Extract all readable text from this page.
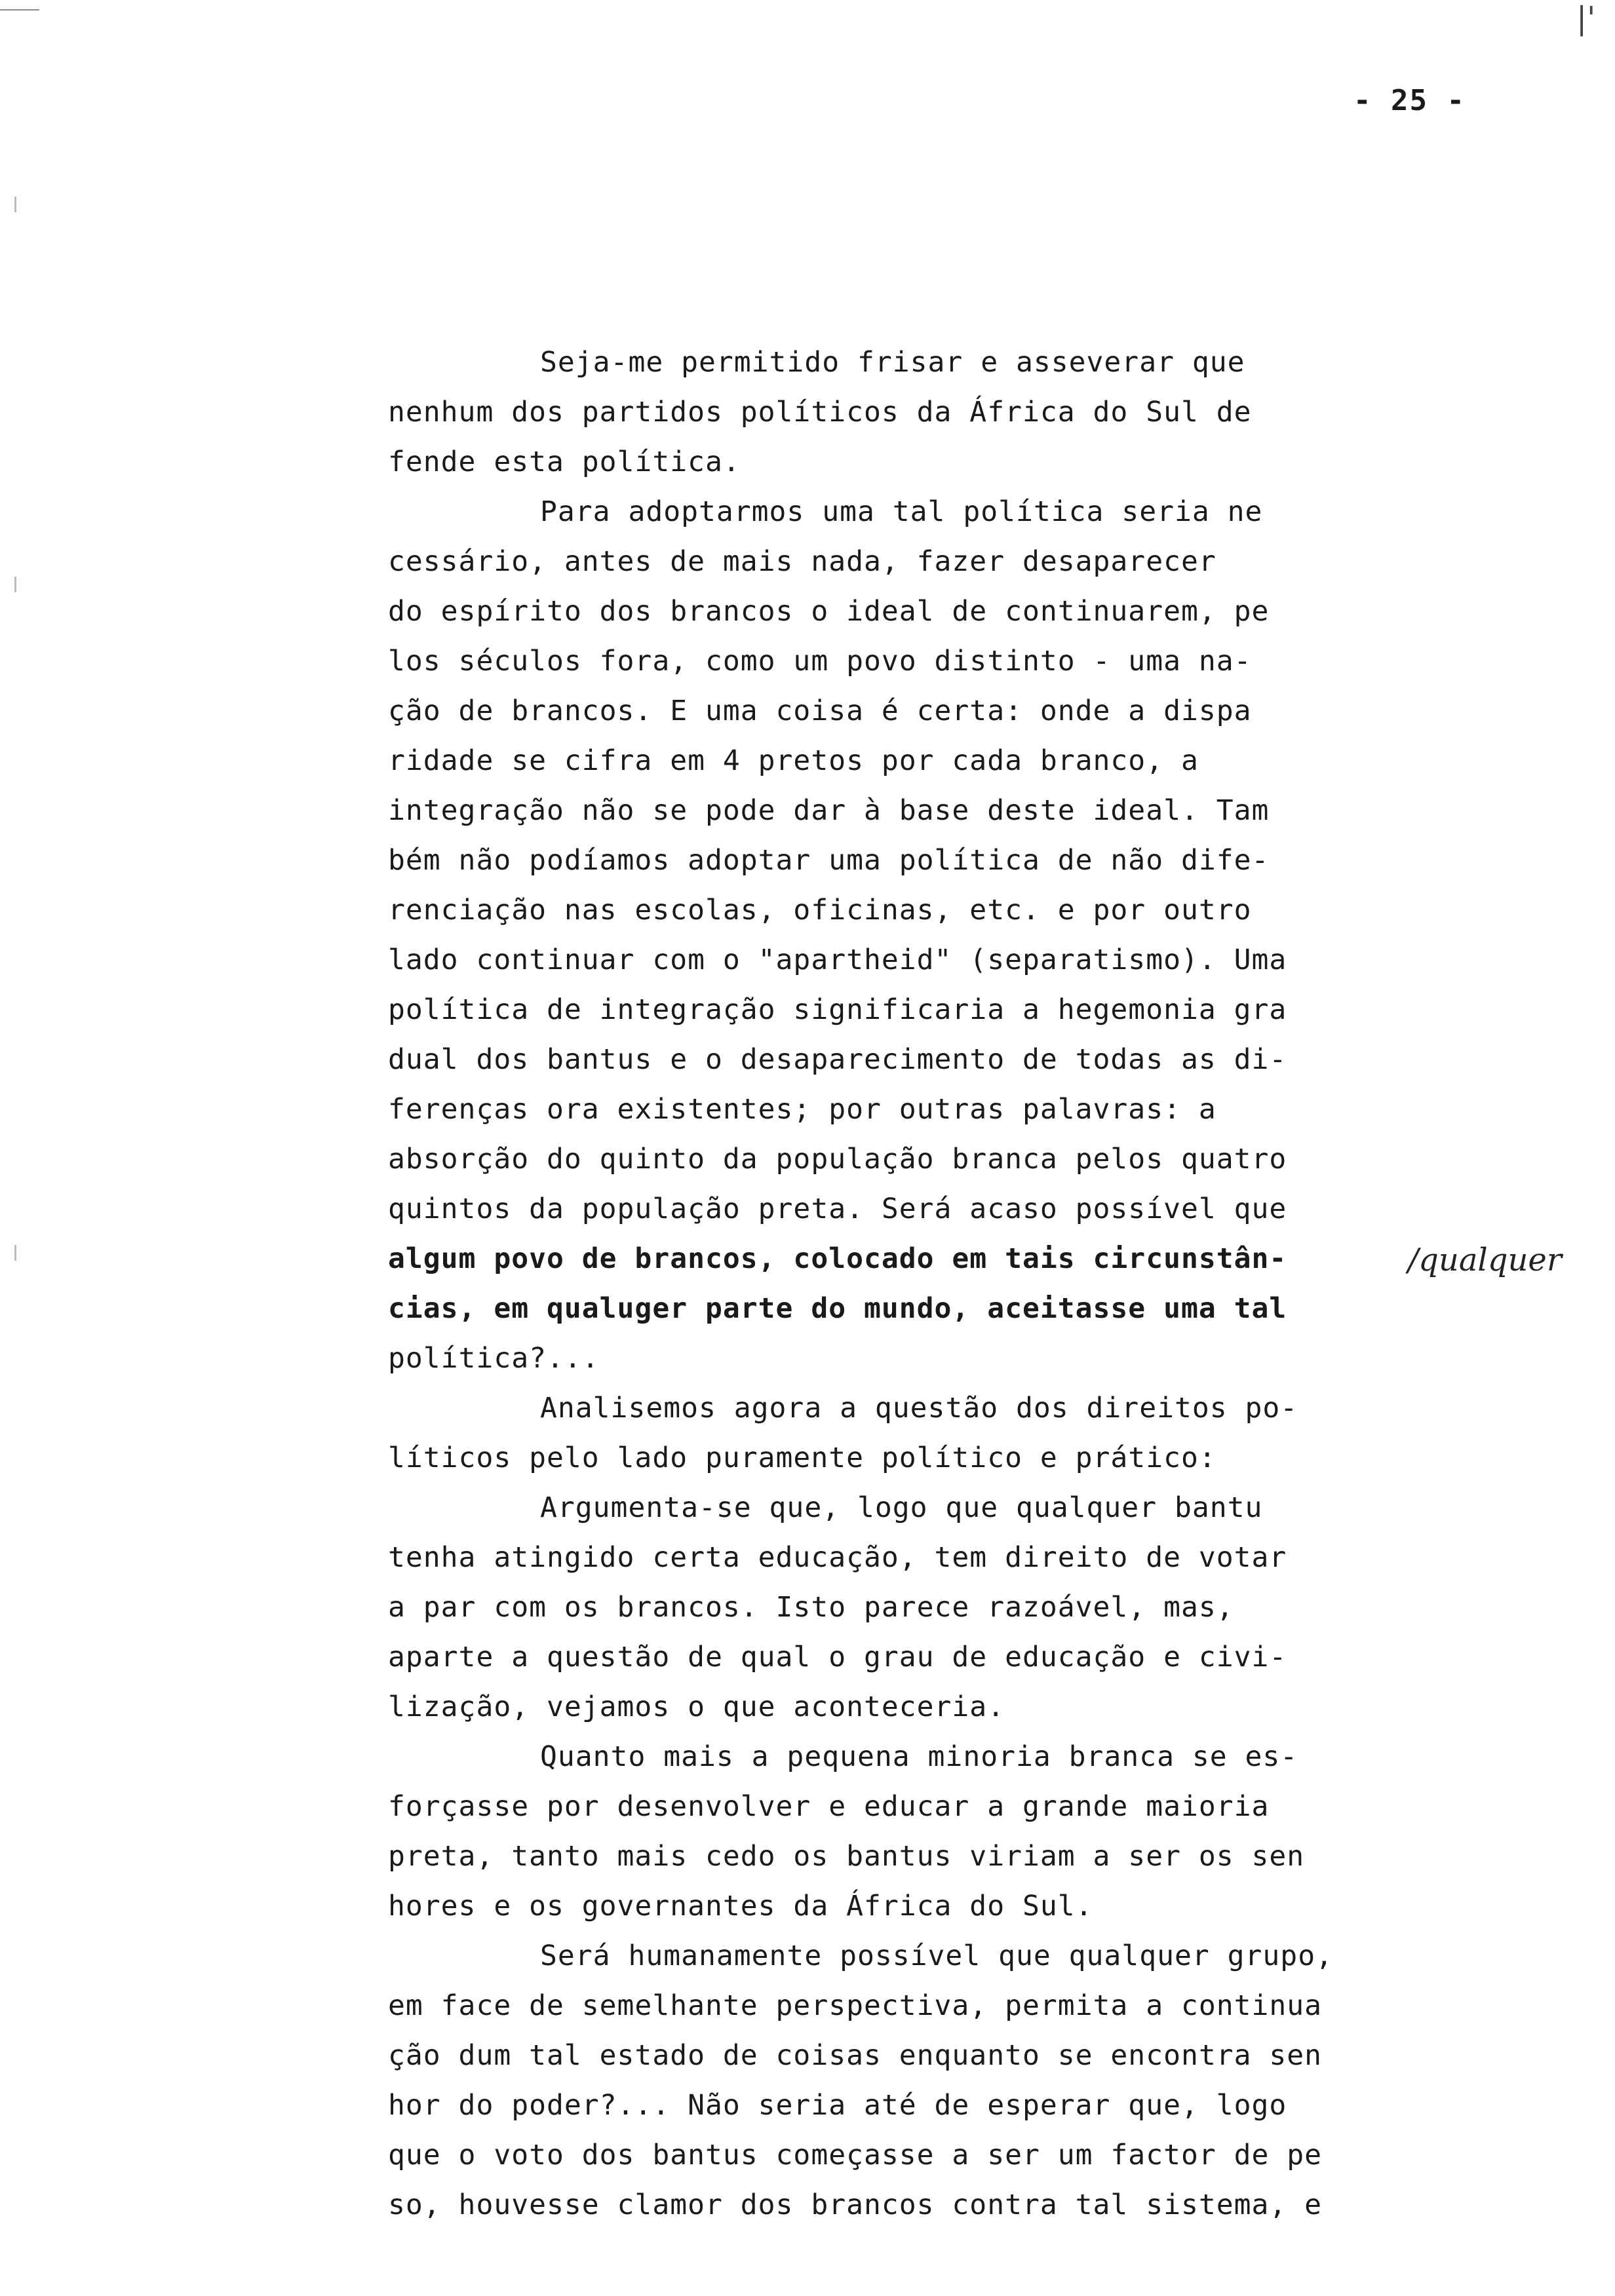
|'
- 25 -
Seja-me permitido frisar e asseverar que
nenhum dos partidos políticos da África do Sul de
fende esta política.
Para adoptarmos uma tal política seria ne
cessário, antes de mais nada, fazer desaparecer
do espírito dos brancos o ideal de continuarem, pe
los séculos fora, como um povo distinto - uma na-
ção de brancos. E uma coisa é certa: onde a dispa
ridade se cifra em 4 pretos por cada branco, a
integração não se pode dar à base deste ideal. Tam
bém não podíamos adoptar uma política de não dife-
renciação nas escolas, oficinas, etc. e por outro
lado continuar com o "apartheid" (separatismo). Uma
política de integração significaria a hegemonia gra
dual dos bantus e o desaparecimento de todas as di-
ferenças ora existentes; por outras palavras: a
absorção do quinto da população branca pelos quatro
quintos da população preta. Será acaso possível que
algum povo de brancos, colocado em tais circunstân-
cias, em qualuger parte do mundo, aceitasse uma tal
política?...
Analisemos agora a questão dos direitos po-
líticos pelo lado puramente político e prático:
Argumenta-se que, logo que qualquer bantu
tenha atingido certa educação, tem direito de votar
a par com os brancos. Isto parece razoável, mas,
aparte a questão de qual o grau de educação e civi-
lização, vejamos o que aconteceria.
Quanto mais a pequena minoria branca se es-
forçasse por desenvolver e educar a grande maioria
preta, tanto mais cedo os bantus viriam a ser os sen
hores e os governantes da África do Sul.
Será humanamente possível que qualquer grupo,
em face de semelhante perspectiva, permita a continua
ção dum tal estado de coisas enquanto se encontra sen
hor do poder?... Não seria até de esperar que, logo
que o voto dos bantus começasse a ser um factor de pe
so, houvesse clamor dos brancos contra tal sistema, e
/qualquer
